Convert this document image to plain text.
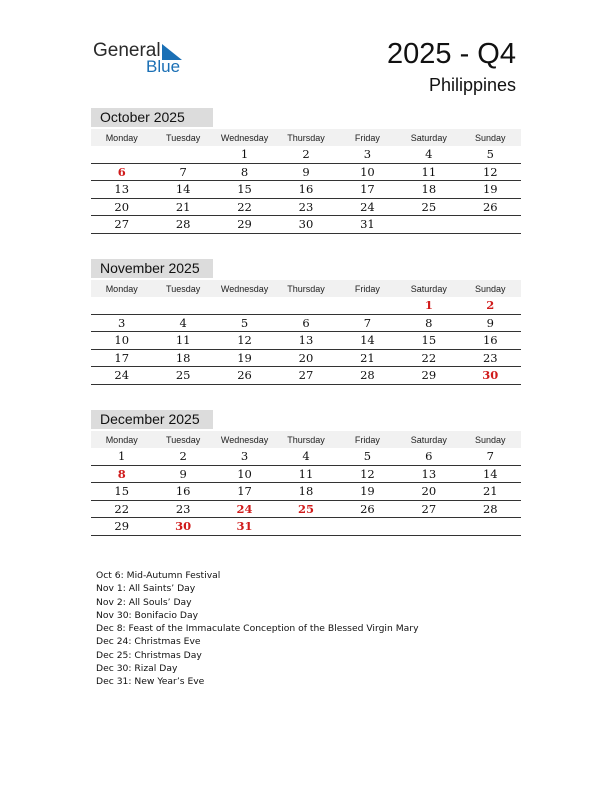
General
Blue	2025 - Q4
Philippines
October 2025
Monday	Tuesday	Wednesday	Thursday	Friday	Saturday	Sunday
		1	2	3	4	5
6	7	8	9	10	11	12
13	14	15	16	17	18	19
20	21	22	23	24	25	26
27	28	29	30	31		
November 2025
Monday	Tuesday	Wednesday	Thursday	Friday	Saturday	Sunday
					1	2
3	4	5	6	7	8	9
10	11	12	13	14	15	16
17	18	19	20	21	22	23
24	25	26	27	28	29	30
December 2025
Monday	Tuesday	Wednesday	Thursday	Friday	Saturday	Sunday
1	2	3	4	5	6	7
8	9	10	11	12	13	14
15	16	17	18	19	20	21
22	23	24	25	26	27	28
29	30	31				
Oct 6: Mid-Autumn Festival
Nov 1: All Saints’ Day
Nov 2: All Souls’ Day
Nov 30: Bonifacio Day
Dec 8: Feast of the Immaculate Conception of the Blessed Virgin Mary
Dec 24: Christmas Eve
Dec 25: Christmas Day
Dec 30: Rizal Day
Dec 31: New Year’s Eve
